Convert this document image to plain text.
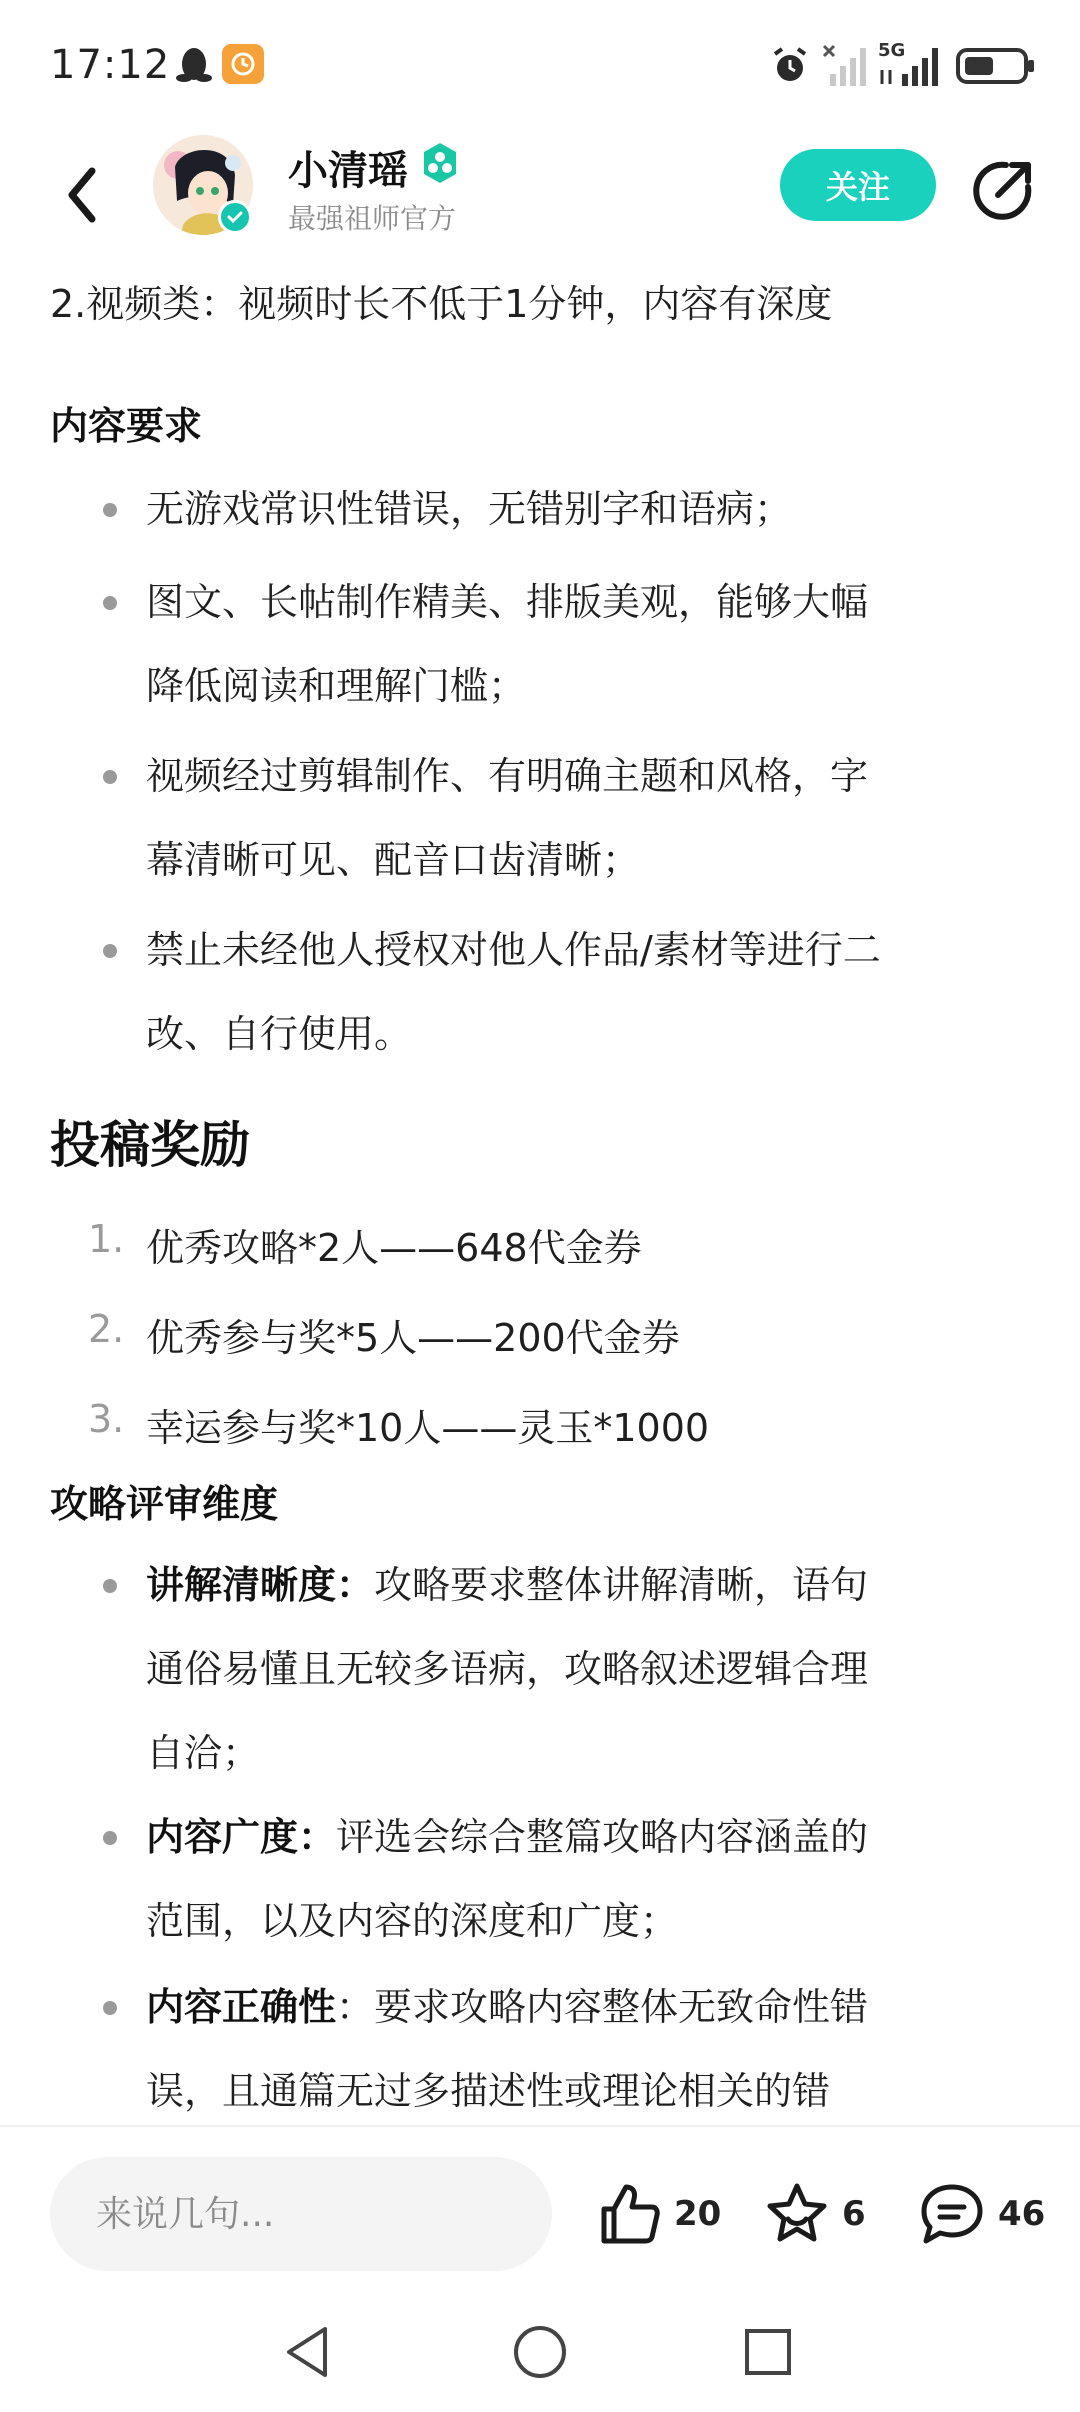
17:12	5G
小清瑶
最强祖师官方
关注
2.视频类：视频时长不低于1分钟，内容有深度
内容要求
无游戏常识性错误，无错别字和语病；
图文、长帖制作精美、排版美观，能够大幅
降低阅读和理解门槛；
视频经过剪辑制作、有明确主题和风格，字
幕清晰可见、配音口齿清晰；
禁止未经他人授权对他人作品/素材等进行二
改、自行使用。
投稿奖励
1. 优秀攻略*2人——648代金券
2. 优秀参与奖*5人——200代金券
3. 幸运参与奖*10人——灵玉*1000
攻略评审维度
讲解清晰度：攻略要求整体讲解清晰，语句
通俗易懂且无较多语病，攻略叙述逻辑合理
自洽；
内容广度：评选会综合整篇攻略内容涵盖的
范围，以及内容的深度和广度；
内容正确性：要求攻略内容整体无致命性错
误，且通篇无过多描述性或理论相关的错
来说几句...
20	6	46
